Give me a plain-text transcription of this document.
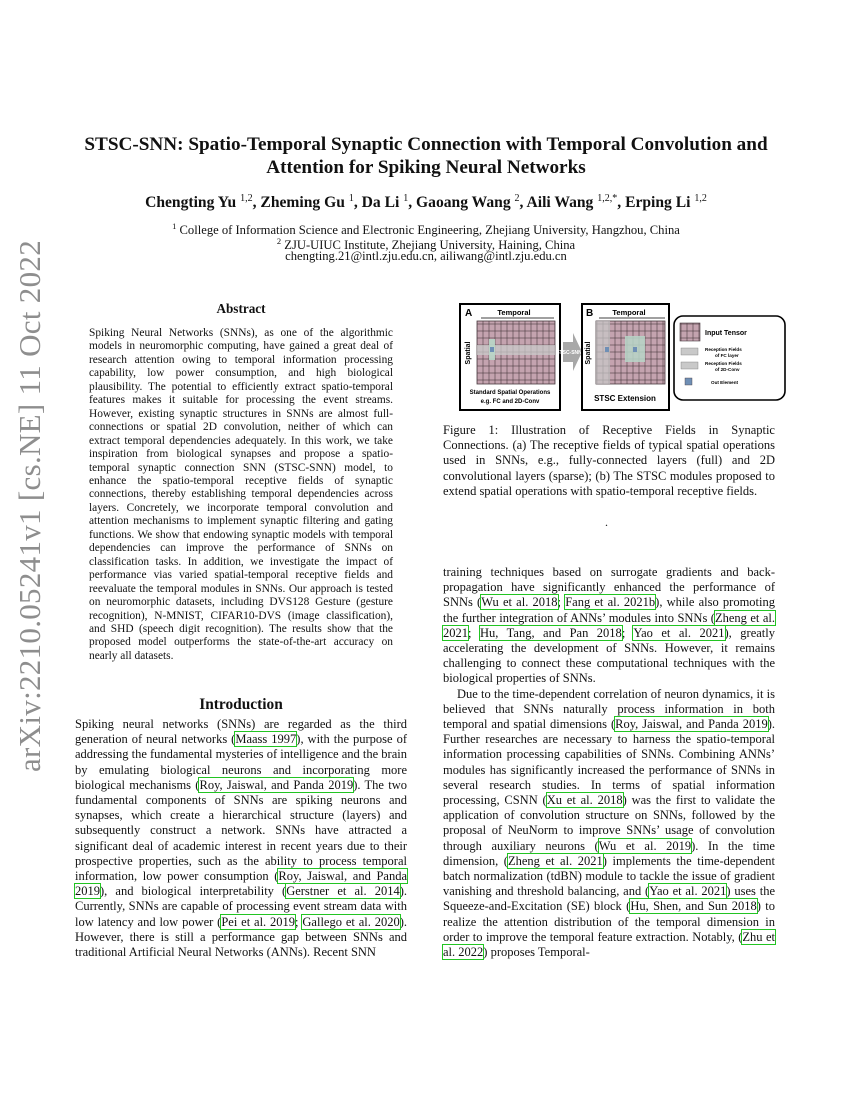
arXiv:2210.05241v1 [cs.NE] 11 Oct 2022
STSC-SNN: Spatio-Temporal Synaptic Connection with Temporal Convolution and Attention for Spiking Neural Networks
Chengting Yu $^{1,2}$, Zheming Gu $^1$, Da Li $^1$, Gaoang Wang $^2$, Aili Wang $^{1,2,*}$, Erping Li $^{1,2}$
$^1$ College of Information Science and Electronic Engineering, Zhejiang University, Hangzhou, China
$^2$ ZJU-UIUC Institute, Zhejiang University, Haining, China
chengting.21@intl.zju.edu.cn, ailiwang@intl.zju.edu.cn
Abstract
Spiking Neural Networks (SNNs), as one of the algorithmic models in neuromorphic computing, have gained a great deal of research attention owing to temporal information processing capability, low power consumption, and high biological plausibility. The potential to efficiently extract spatio-temporal features makes it suitable for processing the event streams. However, existing synaptic structures in SNNs are almost full-connections or spatial 2D convolution, neither of which can extract temporal dependencies adequately. In this work, we take inspiration from biological synapses and propose a spatio-temporal synaptic connection SNN (STSC-SNN) model, to enhance the spatio-temporal receptive fields of synaptic connections, thereby establishing temporal dependencies across layers. Concretely, we incorporate temporal convolution and attention mechanisms to implement synaptic filtering and gating functions. We show that endowing synaptic models with temporal dependencies can improve the performance of SNNs on classification tasks. In addition, we investigate the impact of performance vias varied spatial-temporal receptive fields and reevaluate the temporal modules in SNNs. Our approach is tested on neuromorphic datasets, including DVS128 Gesture (gesture recognition), N-MNIST, CIFAR10-DVS (image classification), and SHD (speech digit recognition). The results show that the proposed model outperforms the state-of-the-art accuracy on nearly all datasets.
Introduction
Spiking neural networks (SNNs) are regarded as the third generation of neural networks (Maass 1997), with the purpose of addressing the fundamental mysteries of intelligence and the brain by emulating biological neurons and incorporating more biological mechanisms (Roy, Jaiswal, and Panda 2019). The two fundamental components of SNNs are spiking neurons and synapses, which create a hierarchical structure (layers) and subsequently construct a network. SNNs have attracted a significant deal of academic interest in recent years due to their prospective properties, such as the ability to process temporal information, low power consumption (Roy, Jaiswal, and Panda 2019), and biological interpretability (Gerstner et al. 2014). Currently, SNNs are capable of processing event stream data with low latency and low power (Pei et al. 2019; Gallego et al. 2020). However, there is still a performance gap between SNNs and traditional Artificial Neural Networks (ANNs). Recent SNN
A	Temporal
Spatial
Standard Spatial Operations
e.g. FC and 2D-Conv
STSC-SNN
B	Temporal
Spatial
STSC Extension
Input Tensor
Reception Fields
of FC layer
Reception Fields
of 2D-Conv
Out Element
Figure 1: Illustration of Receptive Fields in Synaptic Connections. (a) The receptive fields of typical spatial operations used in SNNs, e.g., fully-connected layers (full) and 2D convolutional layers (sparse); (b) The STSC modules proposed to extend spatial operations with spatio-temporal receptive fields.
.

training techniques based on surrogate gradients and back-propagation have significantly enhanced the performance of SNNs (Wu et al. 2018; Fang et al. 2021b), while also promoting the further integration of ANNs’ modules into SNNs (Zheng et al. 2021; Hu, Tang, and Pan 2018; Yao et al. 2021), greatly accelerating the development of SNNs. However, it remains challenging to connect these computational techniques with the biological properties of SNNs.

Due to the time-dependent correlation of neuron dynamics, it is believed that SNNs naturally process information in both temporal and spatial dimensions (Roy, Jaiswal, and Panda 2019). Further researches are necessary to harness the spatio-temporal information processing capabilities of SNNs. Combining ANNs’ modules has significantly increased the performance of SNNs in several research studies. In terms of spatial information processing, CSNN (Xu et al. 2018) was the first to validate the application of convolution structure on SNNs, followed by the proposal of NeuNorm to improve SNNs’ usage of convolution through auxiliary neurons (Wu et al. 2019). In the time dimension, (Zheng et al. 2021) implements the time-dependent batch normalization (tdBN) module to tackle the issue of gradient vanishing and threshold balancing, and (Yao et al. 2021) uses the Squeeze-and-Excitation (SE) block (Hu, Shen, and Sun 2018) to realize the attention distribution of the temporal dimension in order to improve the temporal feature extraction. Notably, (Zhu et al. 2022) proposes Temporal-
